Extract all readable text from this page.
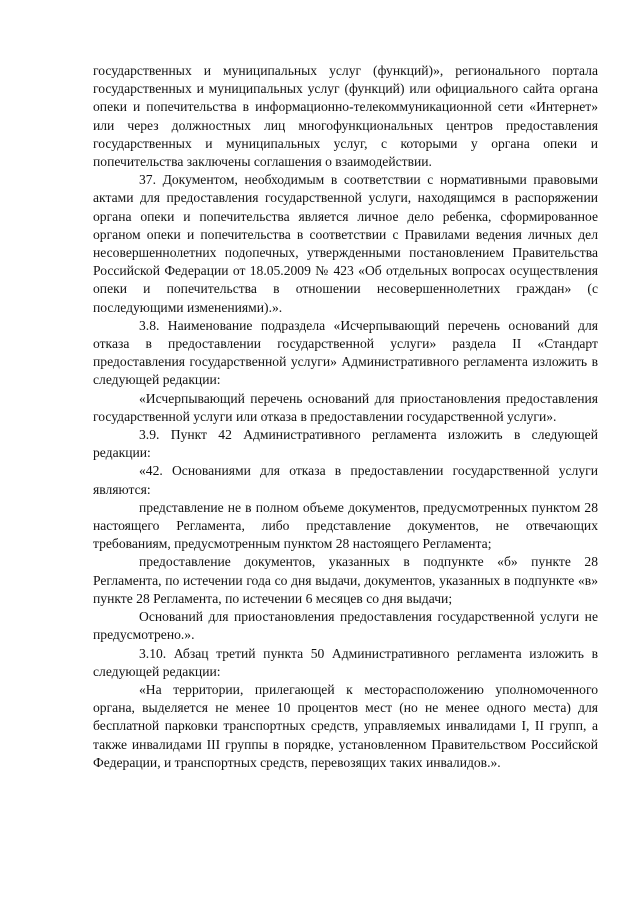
государственных и муниципальных услуг (функций)», регионального портала государственных и муниципальных услуг (функций) или официального сайта органа опеки и попечительства в информационно-телекоммуникационной сети «Интернет» или через должностных лиц многофункциональных центров предоставления государственных и муниципальных услуг, с которыми у органа опеки и попечительства заключены соглашения о взаимодействии.

37. Документом, необходимым в соответствии с нормативными правовыми актами для предоставления государственной услуги, находящимся в распоряжении органа опеки и попечительства является личное дело ребенка, сформированное органом опеки и попечительства в соответствии с Правилами ведения личных дел несовершеннолетних подопечных, утвержденными постановлением Правительства Российской Федерации от 18.05.2009 № 423 «Об отдельных вопросах осуществления опеки и попечительства в отношении несовершеннолетних граждан» (с последующими изменениями).».

3.8. Наименование подраздела «Исчерпывающий перечень оснований для отказа в предоставлении государственной услуги» раздела II «Стандарт предоставления государственной услуги» Административного регламента изложить в следующей редакции:

«Исчерпывающий перечень оснований для приостановления предоставления государственной услуги или отказа в предоставлении государственной услуги».

3.9. Пункт 42 Административного регламента изложить в следующей редакции:

«42. Основаниями для отказа в предоставлении государственной услуги являются:

представление не в полном объеме документов, предусмотренных пунктом 28 настоящего Регламента, либо представление документов, не отвечающих требованиям, предусмотренным пунктом 28 настоящего Регламента;

предоставление документов, указанных в подпункте «б» пункте 28 Регламента, по истечении года со дня выдачи, документов, указанных в подпункте «в» пункте 28 Регламента, по истечении 6 месяцев со дня выдачи;

Оснований для приостановления предоставления государственной услуги не предусмотрено.».

3.10. Абзац третий пункта 50 Административного регламента изложить в следующей редакции:

«На территории, прилегающей к месторасположению уполномоченного органа, выделяется не менее 10 процентов мест (но не менее одного места) для бесплатной парковки транспортных средств, управляемых инвалидами I, II групп, а также инвалидами III группы в порядке, установленном Правительством Российской Федерации, и транспортных средств, перевозящих таких инвалидов.».
